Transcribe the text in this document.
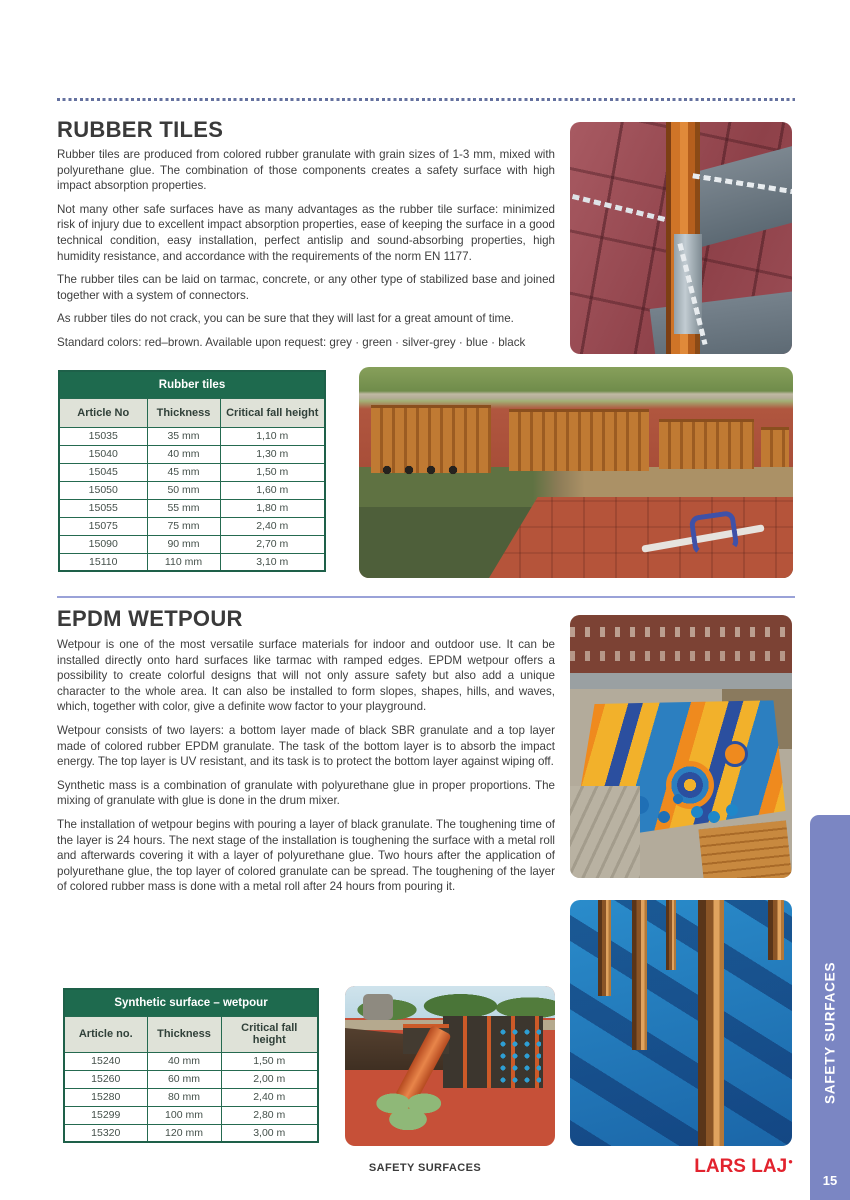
RUBBER TILES

Rubber tiles are produced from colored rubber granulate with grain sizes of 1-3 mm, mixed with polyurethane glue. The combination of those components creates a safety surface with high impact absorption properties.

Not many other safe surfaces have as many advantages as the rubber tile surface: minimized risk of injury due to excellent impact absorption properties, ease of keeping the surface in a good technical condition, easy installation, perfect antislip and sound-absorbing properties, high humidity resistance, and accordance with the requirements of the norm EN 1177.

The rubber tiles can be laid on tarmac, concrete, or any other type of stabilized base and joined together with a system of connectors.

As rubber tiles do not crack, you can be sure that they will last for a great amount of time.

Standard colors: red–brown. Available upon request: grey · green · silver-grey · blue · black

Rubber tiles		
Article No	Thickness	Critical fall height
15035	35 mm	1,10 m
15040	40 mm	1,30 m
15045	45 mm	1,50 m
15050	50 mm	1,60 m
15055	55 mm	1,80 m
15075	75 mm	2,40 m
15090	90 mm	2,70 m
15110	110 mm	3,10 m
EPDM WETPOUR

Wetpour is one of the most versatile surface materials for indoor and outdoor use. It can be installed directly onto hard surfaces like tarmac with ramped edges. EPDM wetpour offers a possibility to create colorful designs that will not only assure safety but also add a unique character to the whole area. It can also be installed to form slopes, shapes, hills, and waves, which, together with color, give a definite wow factor to your playground.

Wetpour consists of two layers: a bottom layer made of black SBR granulate and a top layer made of colored rubber EPDM granulate. The task of the bottom layer is to absorb the impact energy. The top layer is UV resistant, and its task is to protect the bottom layer against wiping off.

Synthetic mass is a combination of granulate with polyurethane glue in proper proportions. The mixing of granulate with glue is done in the drum mixer.

The installation of wetpour begins with pouring a layer of black granulate. The toughening time of the layer is 24 hours. The next stage of the installation is toughening the surface with a metal roll and afterwards covering it with a layer of polyurethane glue. Two hours after the application of polyurethane glue, the top layer of colored granulate can be spread. The toughening of the layer of colored rubber mass is done with a metal roll after 24 hours from pouring it.

Synthetic surface – wetpour		
Article no.	Thickness	Critical fall height
15240	40 mm	1,50 m
15260	60 mm	2,00 m
15280	80 mm	2,40 m
15299	100 mm	2,80 m
15320	120 mm	3,00 m
SAFETY SURFACES	LARS LAJ●
SAFETY SURFACES
15
